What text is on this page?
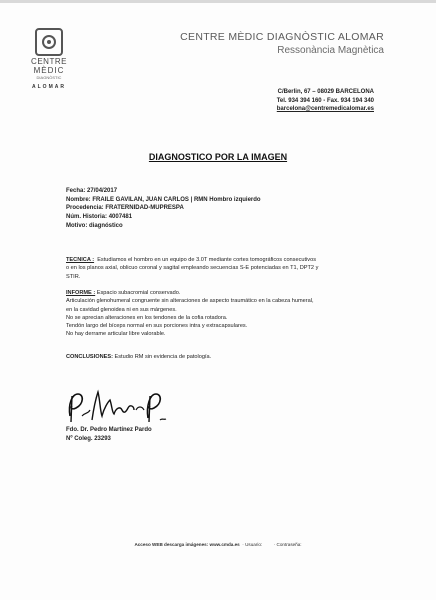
CENTRE
MÈDIC
DIAGNÒSTIC
ALOMAR
CENTRE MÈDIC DIAGNÒSTIC ALOMAR
Ressonància Magnètica
C/Berlin, 67 – 08029 BARCELONA
Tel. 934 394 160 - Fax. 934 194 340
barcelona@centremedicalomar.es
DIAGNOSTICO POR LA IMAGEN
Fecha: 27/04/2017
Nombre: FRAILE GAVILAN, JUAN CARLOS | RMN Hombro izquierdo
Procedencia: FRATERNIDAD-MUPRESPA
Núm. Historia: 4007481
Motivo: diagnóstico
TECNICA : Estudiamos el hombro en un equipo de 3.0T mediante cortes tomográficos consecutivos
o en los planos axial, oblicuo coronal y sagital empleando secuencias S-E potenciadas en T1, DPT2 y
STIR.
INFORME : Espacio subacromial conservado.
Articulación glenohumeral congruente sin alteraciones de aspecto traumático en la cabeza humeral,
en la cavidad glenoidea ni en sus márgenes.
No se aprecian alteraciones en los tendones de la cofia rotadora.
Tendón largo del bíceps normal en sus porciones intra y extracapsulares.
No hay derrame articular libre valorable.
CONCLUSIONES: Estudio RM sin evidencia de patología.
Fdo. Dr. Pedro Martínez Pardo
Nº Coleg. 23293
Acceso WEB descarga imágenes: www.cmda.es · Usuario:	· Contraseña:
